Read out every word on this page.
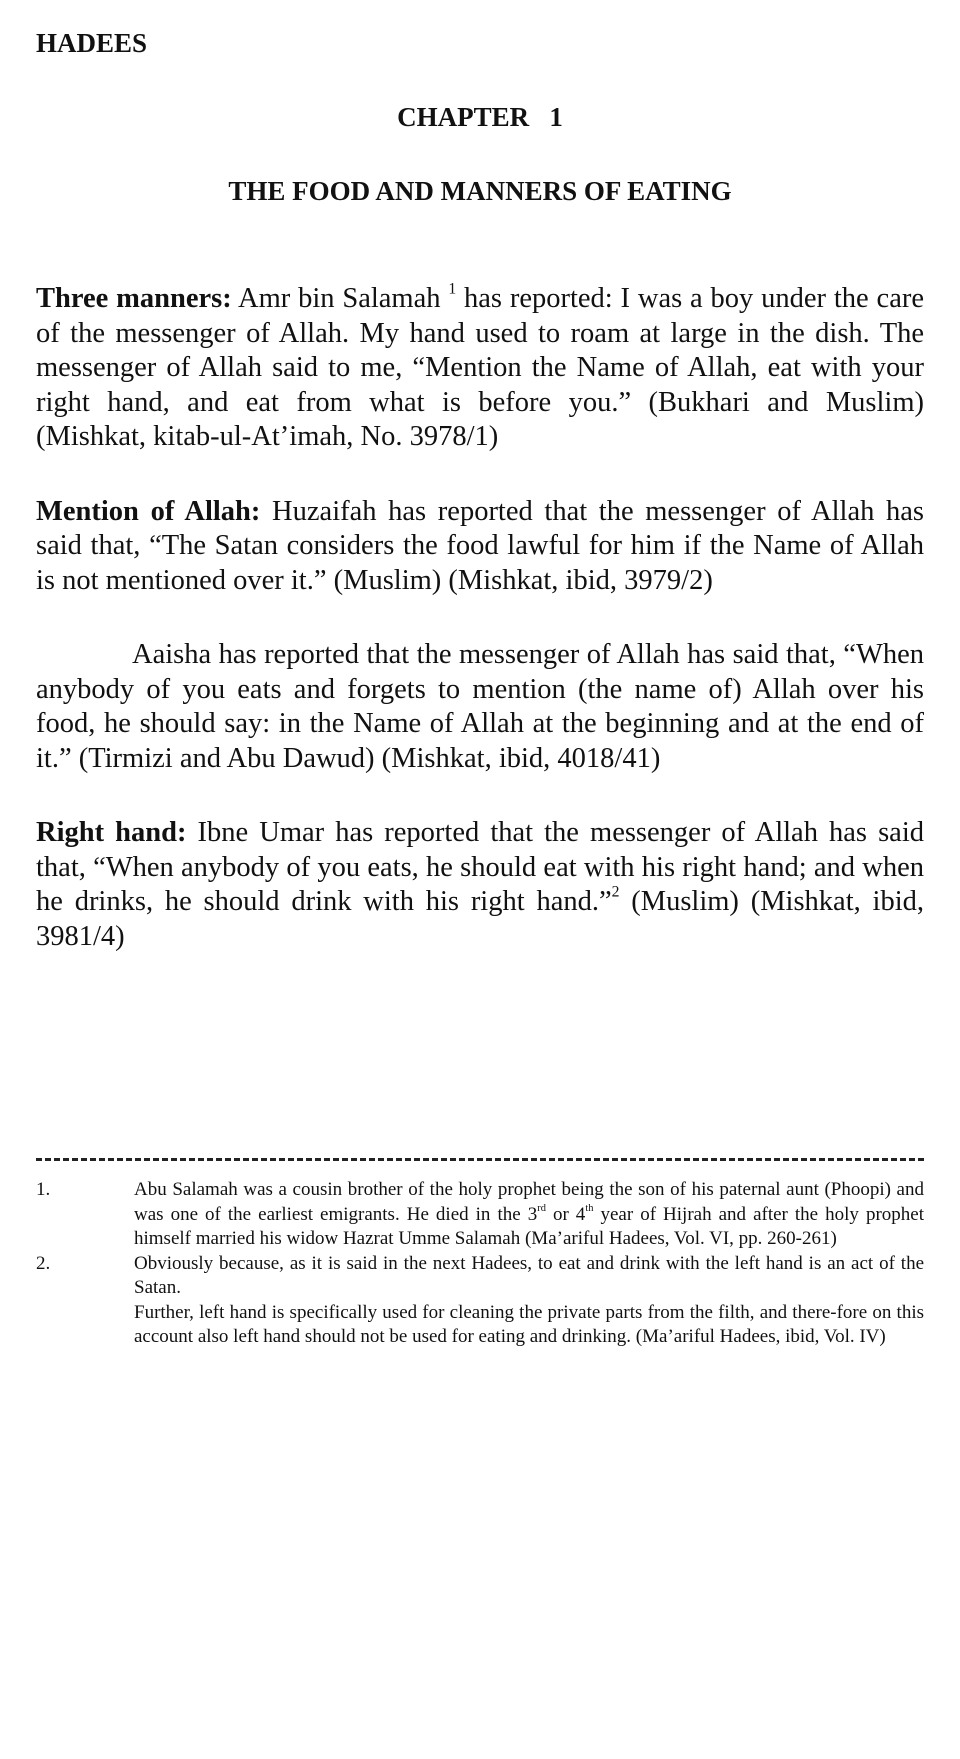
HADEES
CHAPTER   1
THE FOOD AND MANNERS OF EATING

Three manners: Amr bin Salamah $^1$ has reported: I was a boy under the care of the messenger of Allah. My hand used to roam at large in the dish. The messenger of Allah said to me, “Mention the Name of Allah, eat with your right hand, and eat from what is before you.” (Bukhari and Muslim) (Mishkat, kitab-ul-At’imah, No. 3978/1)

Mention of Allah: Huzaifah has reported that the messenger of Allah has said that, “The Satan considers the food lawful for him if the Name of Allah is not mentioned over it.” (Muslim) (Mishkat, ibid, 3979/2)

Aaisha has reported that the messenger of Allah has said that, “When anybody of you eats and forgets to mention (the name of) Allah over his food, he should say: in the Name of Allah at the beginning and at the end of it.” (Tirmizi and Abu Dawud) (Mishkat, ibid, 4018/41)

Right hand: Ibne Umar has reported that the messenger of Allah has said that, “When anybody of you eats, he should eat with his right hand; and when he drinks, he should drink with his right hand.”$^2$ (Muslim) (Mishkat, ibid, 3981/4)

1.	Abu Salamah was a cousin brother of the holy prophet being the son of his paternal aunt (Phoopi) and was one of the earliest emigrants. He died in the 3rd or 4th year of Hijrah and after the holy prophet himself married his widow Hazrat Umme Salamah (Ma’ariful Hadees, Vol. VI, pp. 260-261)
2.	Obviously because, as it is said in the next Hadees, to eat and drink with the left hand is an act of the Satan.

Further, left hand is specifically used for cleaning the private parts from the filth, and there-fore on this account also left hand should not be used for eating and drinking. (Ma’ariful Hadees, ibid, Vol. IV)
